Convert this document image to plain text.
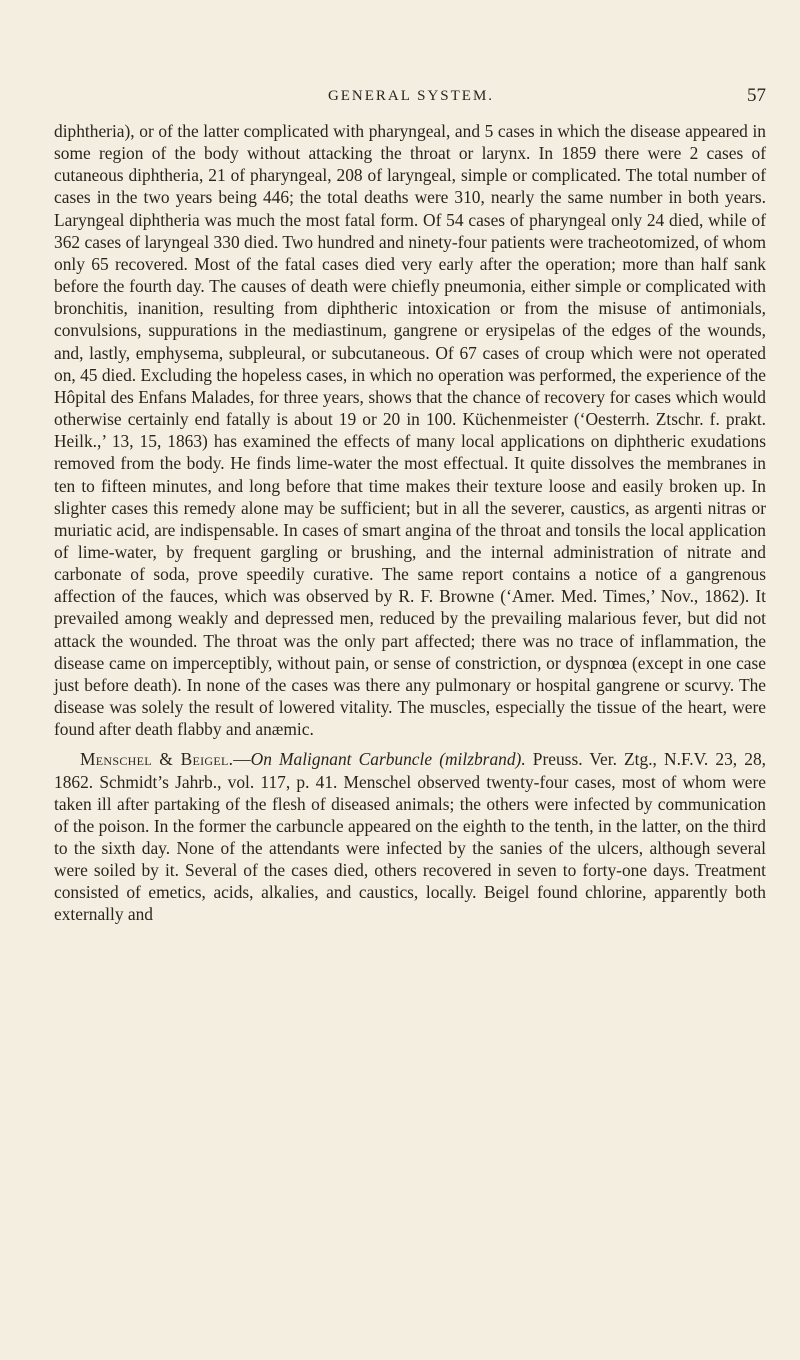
GENERAL SYSTEM.	57

diphtheria), or of the latter complicated with pharyngeal, and 5 cases in which the disease appeared in some region of the body without attacking the throat or larynx. In 1859 there were 2 cases of cutaneous diphtheria, 21 of pharyngeal, 208 of laryngeal, simple or complicated. The total number of cases in the two years being 446; the total deaths were 310, nearly the same number in both years. Laryngeal diphtheria was much the most fatal form. Of 54 cases of pharyngeal only 24 died, while of 362 cases of laryngeal 330 died. Two hundred and ninety-four patients were tracheotomized, of whom only 65 recovered. Most of the fatal cases died very early after the operation; more than half sank before the fourth day. The causes of death were chiefly pneumonia, either simple or complicated with bronchitis, inanition, resulting from diphtheric intoxication or from the misuse of antimonials, convulsions, suppurations in the mediastinum, gangrene or erysipelas of the edges of the wounds, and, lastly, emphysema, subpleural, or subcutaneous. Of 67 cases of croup which were not operated on, 45 died. Excluding the hopeless cases, in which no operation was performed, the experience of the Hôpital des Enfans Malades, for three years, shows that the chance of recovery for cases which would otherwise certainly end fatally is about 19 or 20 in 100. Küchenmeister (‘Oesterrh. Ztschr. f. prakt. Heilk.,’ 13, 15, 1863) has examined the effects of many local applications on diphtheric exudations removed from the body. He finds lime-water the most effectual. It quite dissolves the membranes in ten to fifteen minutes, and long before that time makes their texture loose and easily broken up. In slighter cases this remedy alone may be sufficient; but in all the severer, caustics, as argenti nitras or muriatic acid, are indispensable. In cases of smart angina of the throat and tonsils the local application of lime-water, by frequent gargling or brushing, and the internal administration of nitrate and carbonate of soda, prove speedily curative. The same report contains a notice of a gangrenous affection of the fauces, which was observed by R. F. Browne (‘Amer. Med. Times,’ Nov., 1862). It prevailed among weakly and depressed men, reduced by the prevailing malarious fever, but did not attack the wounded. The throat was the only part affected; there was no trace of inflammation, the disease came on imperceptibly, without pain, or sense of constriction, or dyspnœa (except in one case just before death). In none of the cases was there any pulmonary or hospital gangrene or scurvy. The disease was solely the result of lowered vitality. The muscles, especially the tissue of the heart, were found after death flabby and anæmic.

Menschel & Beigel.—On Malignant Carbuncle (milzbrand). Preuss. Ver. Ztg., N.F.V. 23, 28, 1862. Schmidt’s Jahrb., vol. 117, p. 41. Menschel observed twenty-four cases, most of whom were taken ill after partaking of the flesh of diseased animals; the others were infected by communication of the poison. In the former the carbuncle appeared on the eighth to the tenth, in the latter, on the third to the sixth day. None of the attendants were infected by the sanies of the ulcers, although several were soiled by it. Several of the cases died, others recovered in seven to forty-one days. Treatment consisted of emetics, acids, alkalies, and caustics, locally. Beigel found chlorine, apparently both externally and
